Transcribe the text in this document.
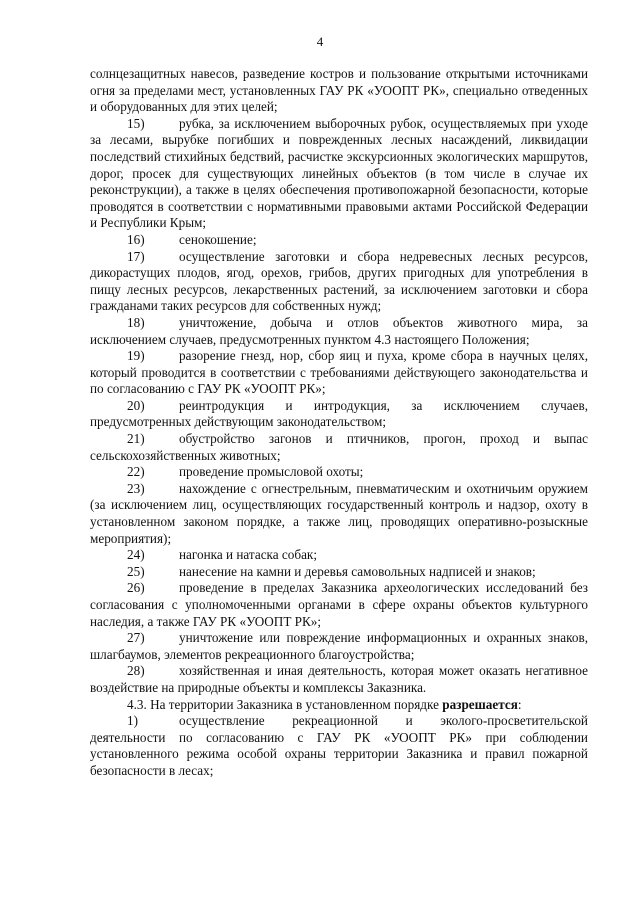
4

солнцезащитных навесов, разведение костров и пользование открытыми источниками огня за пределами мест, установленных ГАУ РК «УООПТ РК», специально отведенных и оборудованных для этих целей;

15)	рубка, за исключением выборочных рубок, осуществляемых при уходе за лесами, вырубке погибших и поврежденных лесных насаждений, ликвидации последствий стихийных бедствий, расчистке экскурсионных экологических маршрутов, дорог, просек для существующих линейных объектов (в том числе в случае их реконструкции), а также в целях обеспечения противопожарной безопасности, которые проводятся в соответствии с нормативными правовыми актами Российской Федерации и Республики Крым;

16)	сенокошение;

17)	осуществление заготовки и сбора недревесных лесных ресурсов, дикорастущих плодов, ягод, орехов, грибов, других пригодных для употребления в пищу лесных ресурсов, лекарственных растений, за исключением заготовки и сбора гражданами таких ресурсов для собственных нужд;

18)	уничтожение, добыча и отлов объектов животного мира, за исключением случаев, предусмотренных пунктом 4.3 настоящего Положения;

19)	разорение гнезд, нор, сбор яиц и пуха, кроме сбора в научных целях, который проводится в соответствии с требованиями действующего законодательства и по согласованию с ГАУ РК «УООПТ РК»;

20)	реинтродукция и интродукция, за исключением случаев, предусмотренных действующим законодательством;

21)	обустройство загонов и птичников, прогон, проход и выпас сельскохозяйственных животных;

22)	проведение промысловой охоты;

23)	нахождение с огнестрельным, пневматическим и охотничьим оружием (за исключением лиц, осуществляющих государственный контроль и надзор, охоту в установленном законом порядке, а также лиц, проводящих оперативно-розыскные мероприятия);

24)	нагонка и натаска собак;

25)	нанесение на камни и деревья самовольных надписей и знаков;

26)	проведение в пределах Заказника археологических исследований без согласования с уполномоченными органами в сфере охраны объектов культурного наследия, а также ГАУ РК «УООПТ РК»;

27)	уничтожение или повреждение информационных и охранных знаков, шлагбаумов, элементов рекреационного благоустройства;

28)	хозяйственная и иная деятельность, которая может оказать негативное воздействие на природные объекты и комплексы Заказника.

4.3. На территории Заказника в установленном порядке разрешается:

1)	осуществление рекреационной и эколого-просветительской деятельности по согласованию с ГАУ РК «УООПТ РК» при соблюдении установленного режима особой охраны территории Заказника и правил пожарной безопасности в лесах;
